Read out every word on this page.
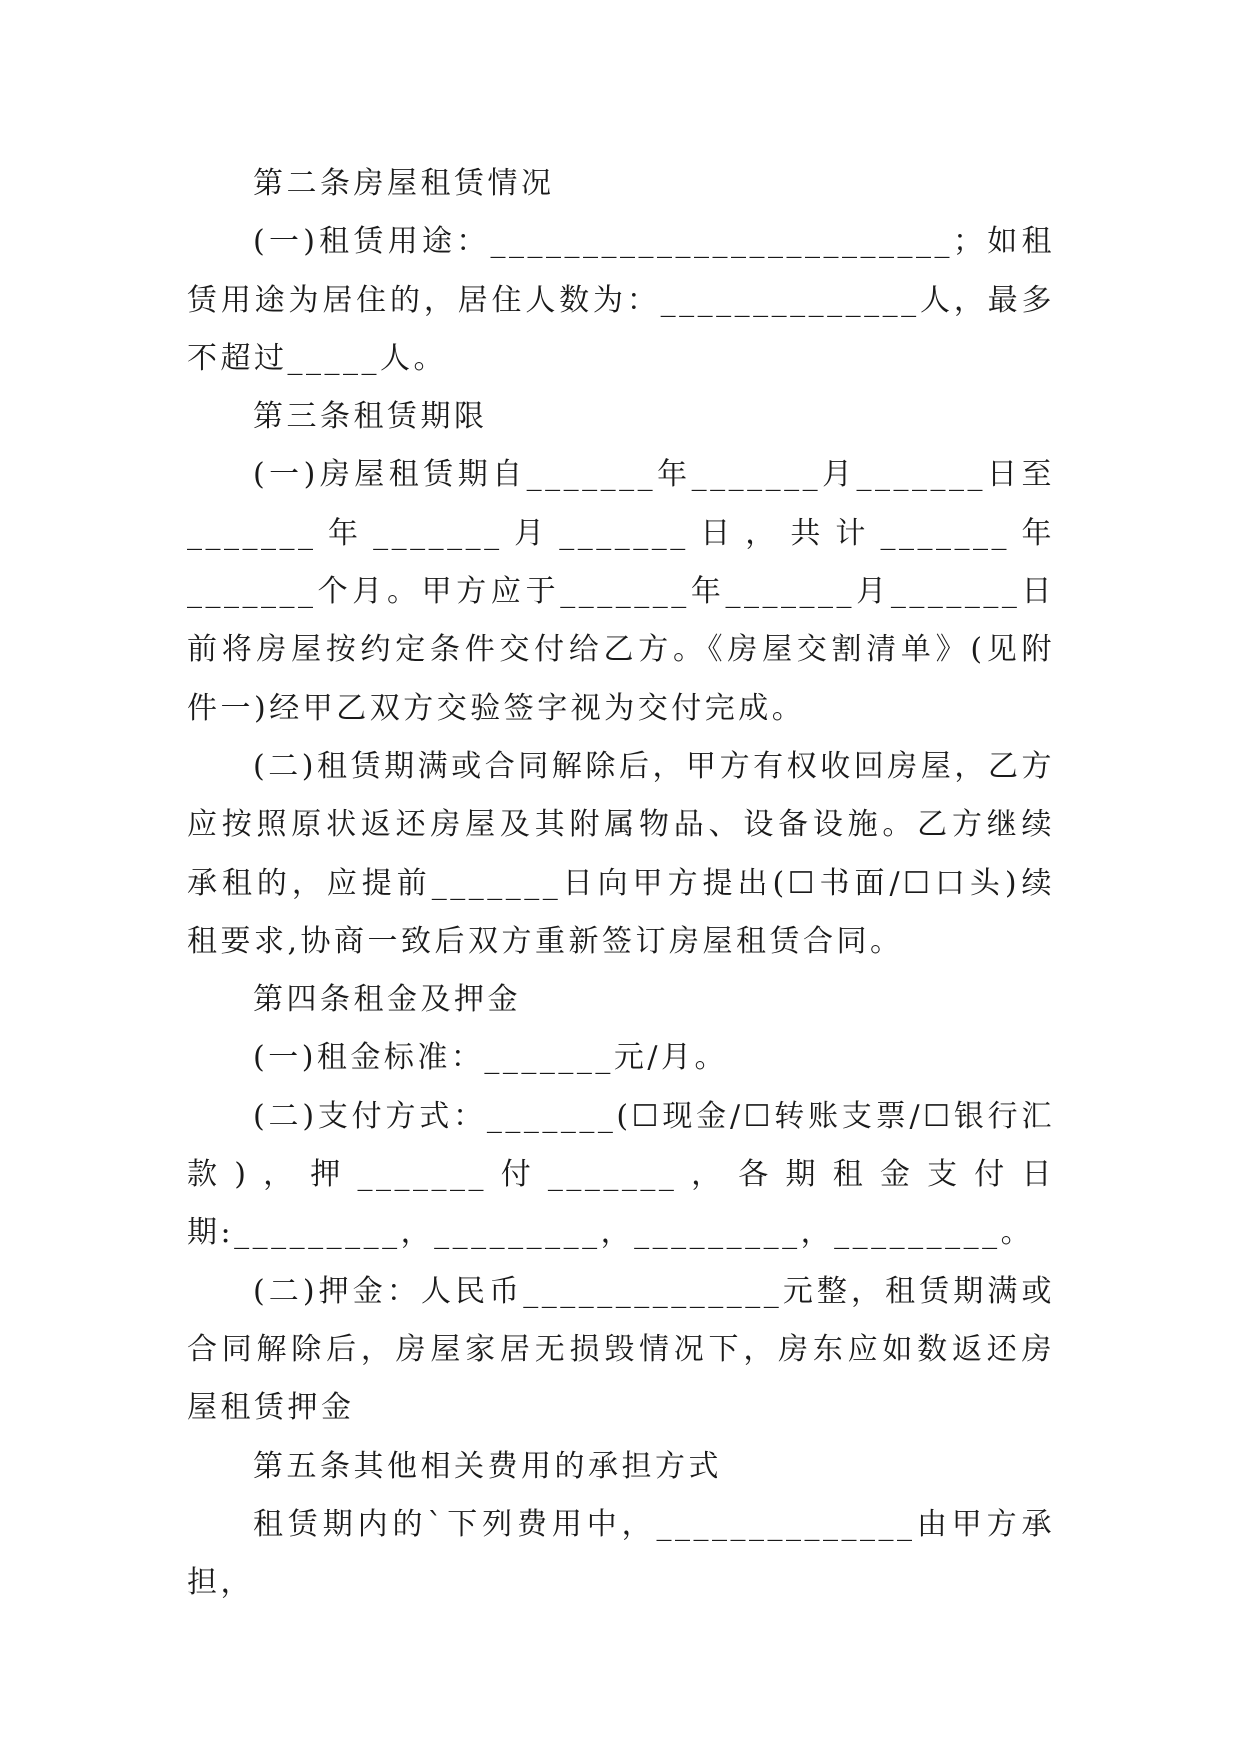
第二条房屋租赁情况

(一)租赁用途：_________________________；如租赁用途为居住的，居住人数为：______________人，最多不超过_____人。

第三条租赁期限

(一)房屋租赁期自_______年_______月_______日至_______年_______月_______日，共计_______年_______个月。甲方应于_______年_______月_______日前将房屋按约定条件交付给乙方。《房屋交割清单》(见附件一)经甲乙双方交验签字视为交付完成。

(二)租赁期满或合同解除后，甲方有权收回房屋，乙方应按照原状返还房屋及其附属物品、设备设施。乙方继续承租的，应提前_______日向甲方提出(☐书面/☐口头)续租要求,协商一致后双方重新签订房屋租赁合同。

第四条租金及押金

(一)租金标准：_______元/月。

(二)支付方式：_______(☐现金/☐转账支票/☐银行汇款)，押_______付_______，各期租金支付日期:_________，_________，_________，_________。

(二)押金：人民币______________元整，租赁期满或合同解除后，房屋家居无损毁情况下，房东应如数返还房屋租赁押金

第五条其他相关费用的承担方式

租赁期内的`下列费用中，______________由甲方承担，
